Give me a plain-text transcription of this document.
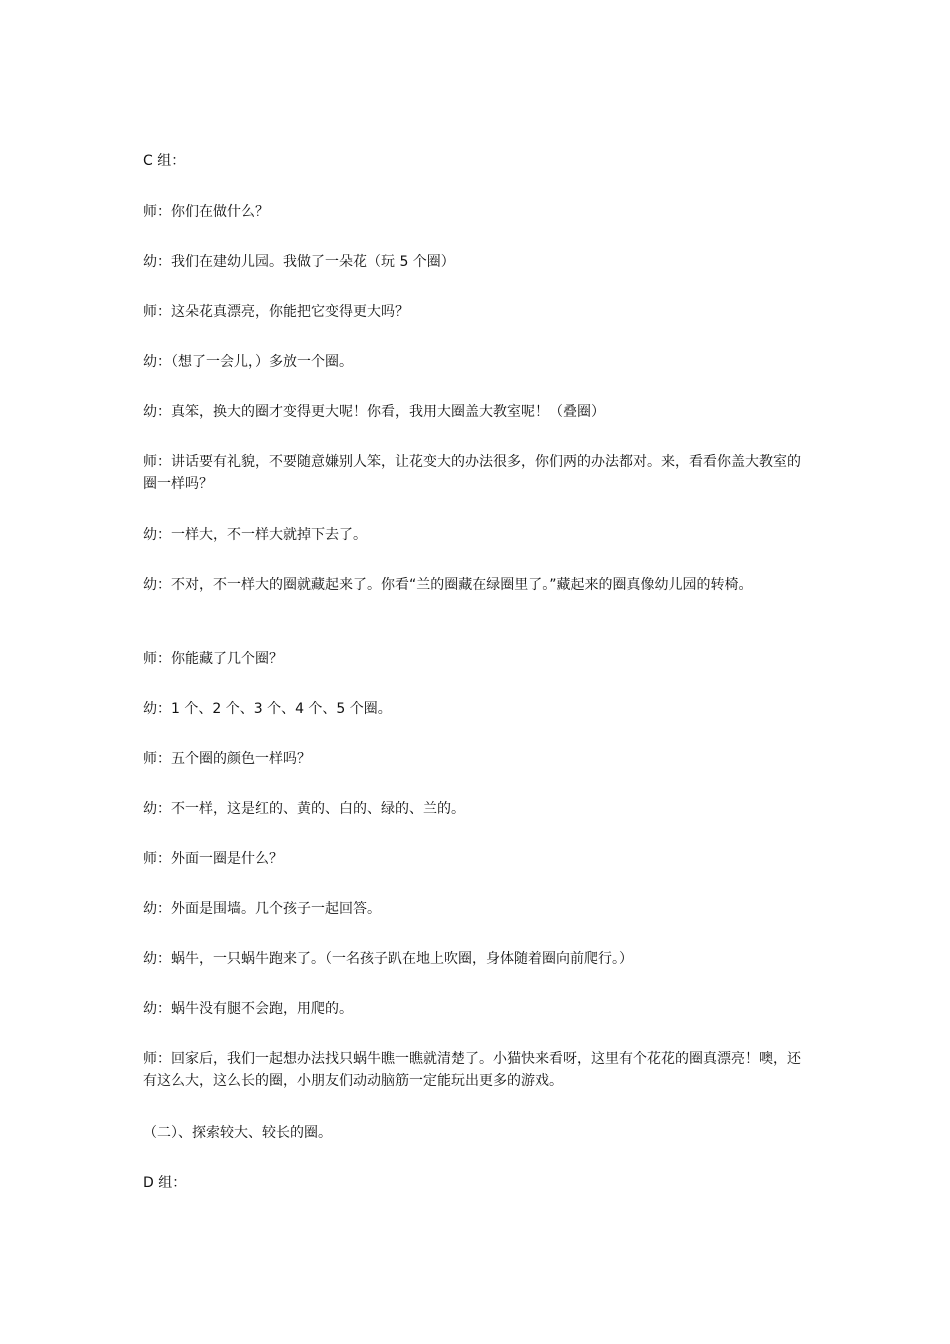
C 组：

师：你们在做什么？

幼：我们在建幼儿园。我做了一朵花（玩 5 个圈）

师：这朵花真漂亮，你能把它变得更大吗？

幼：（想了一会儿，）多放一个圈。

幼：真笨，换大的圈才变得更大呢！你看，我用大圈盖大教室呢！（叠圈）

师：讲话要有礼貌，不要随意嫌别人笨，让花变大的办法很多，你们两的办法都对。来，看看你盖大教室的圈一样吗？

幼：一样大，不一样大就掉下去了。

幼：不对，不一样大的圈就藏起来了。你看“兰的圈藏在绿圈里了。”藏起来的圈真像幼儿园的转椅。

师：你能藏了几个圈？

幼：1 个、2 个、3 个、4 个、5 个圈。

师：五个圈的颜色一样吗？

幼：不一样，这是红的、黄的、白的、绿的、兰的。

师：外面一圈是什么？

幼：外面是围墙。几个孩子一起回答。

幼：蜗牛，一只蜗牛跑来了。（一名孩子趴在地上吹圈，身体随着圈向前爬行。）

幼：蜗牛没有腿不会跑，用爬的。

师：回家后，我们一起想办法找只蜗牛瞧一瞧就清楚了。小猫快来看呀，这里有个花花的圈真漂亮！噢，还有这么大，这么长的圈，小朋友们动动脑筋一定能玩出更多的游戏。

（二）、探索较大、较长的圈。

D 组：
